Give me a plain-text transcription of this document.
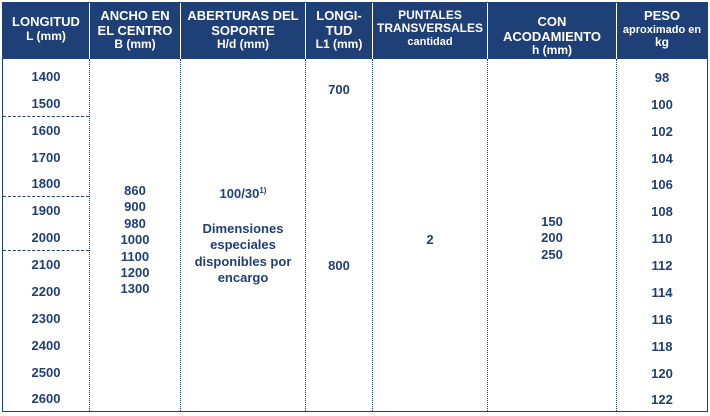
LONGITUD
L (mm)
ANCHO EN
EL CENTRO
B (mm)
ABERTURAS DEL
SOPORTE
H/d (mm)
LONGI-
TUD
L1 (mm)
PUNTALES
TRANSVERSALES
cantidad
CON ACODAMIENTO
h (mm)
PESO
aproximado en
kg
1400
1500
1600
1700
1800
1900
2000
2100
2200
2300
2400
2500
2600
860
900
980
1000
1100
1200
1300
100/30$^{1)}$
Dimensiones
especiales
disponibles por
encargo
700
800
2
150
200
250
98
100
102
104
106
108
110
112
114
116
118
120
122
